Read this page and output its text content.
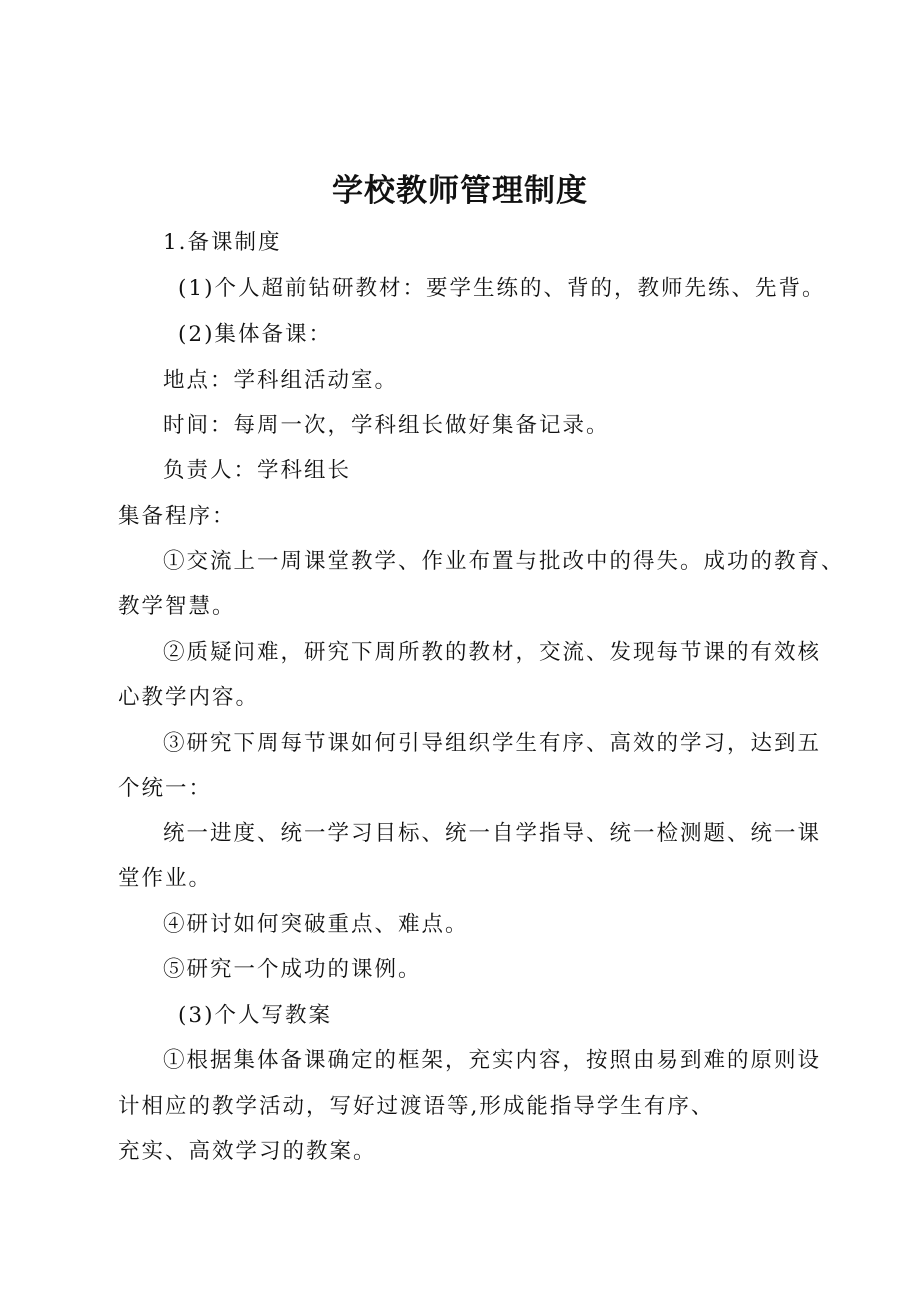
学校教师管理制度
1.备课制度
(1)个人超前钻研教材：要学生练的、背的，教师先练、先背。
(2)集体备课：
地点：学科组活动室。
时间：每周一次，学科组长做好集备记录。
负责人：学科组长
集备程序：
①交流上一周课堂教学、作业布置与批改中的得失。成功的教育、
教学智慧。
②质疑问难，研究下周所教的教材，交流、发现每节课的有效核
心教学内容。
③研究下周每节课如何引导组织学生有序、高效的学习，达到五
个统一：
统一进度、统一学习目标、统一自学指导、统一检测题、统一课
堂作业。
④研讨如何突破重点、难点。
⑤研究一个成功的课例。
(3)个人写教案
①根据集体备课确定的框架，充实内容，按照由易到难的原则设
计相应的教学活动，写好过渡语等,形成能指导学生有序、
充实、高效学习的教案。
